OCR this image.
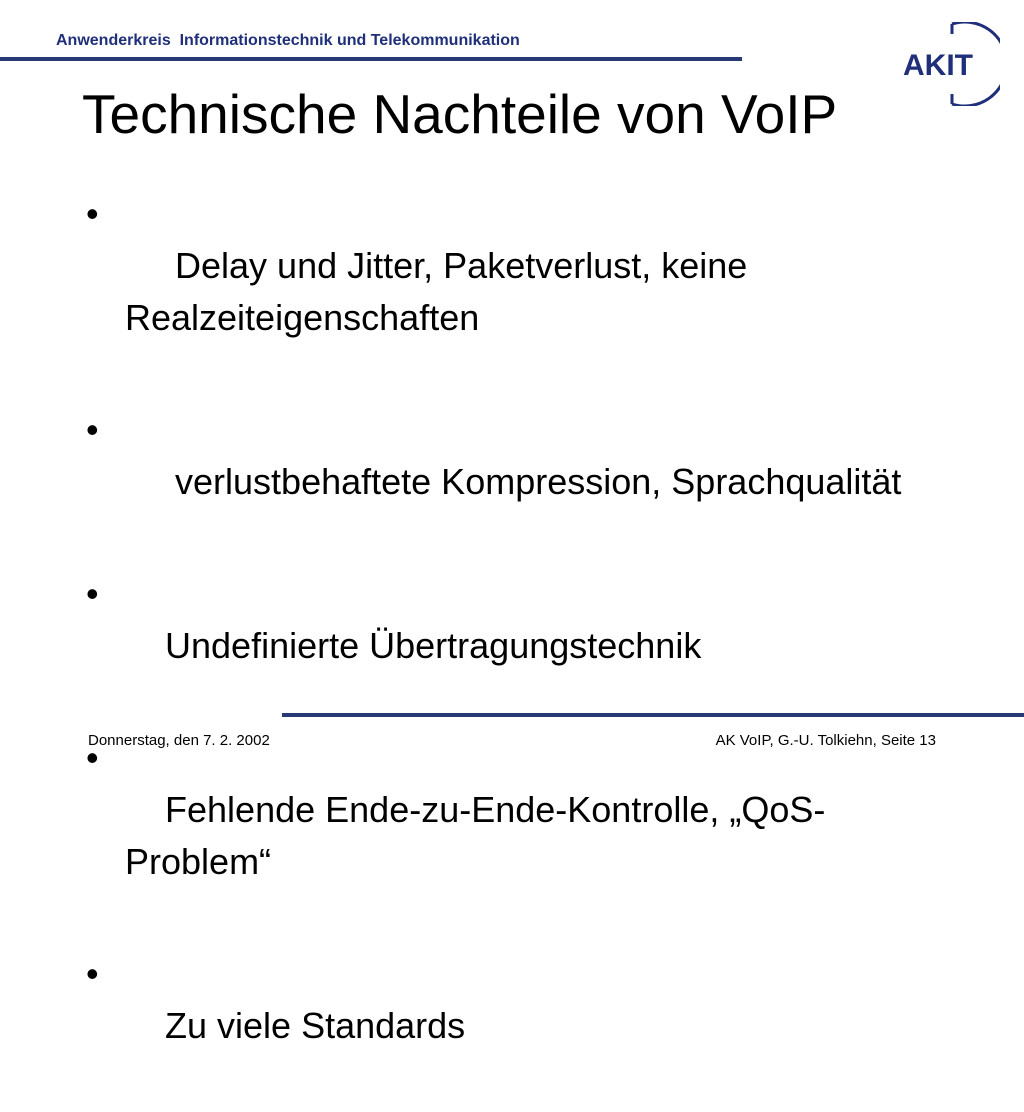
Anwenderkreis  Informationstechnik und Telekommunikation
AKIT
Technische Nachteile von VoIP

•
Delay und Jitter, Paketverlust, keine Realzeiteigenschaften

•
verlustbehaftete Kompression, Sprachqualität

•
Undefinierte Übertragungstechnik

•
Fehlende Ende-zu-Ende-Kontrolle, „QoS-Problem“

•
Zu viele Standards

Donnerstag, den 7. 2. 2002	AK VoIP, G.-U. Tolkiehn, Seite 13
